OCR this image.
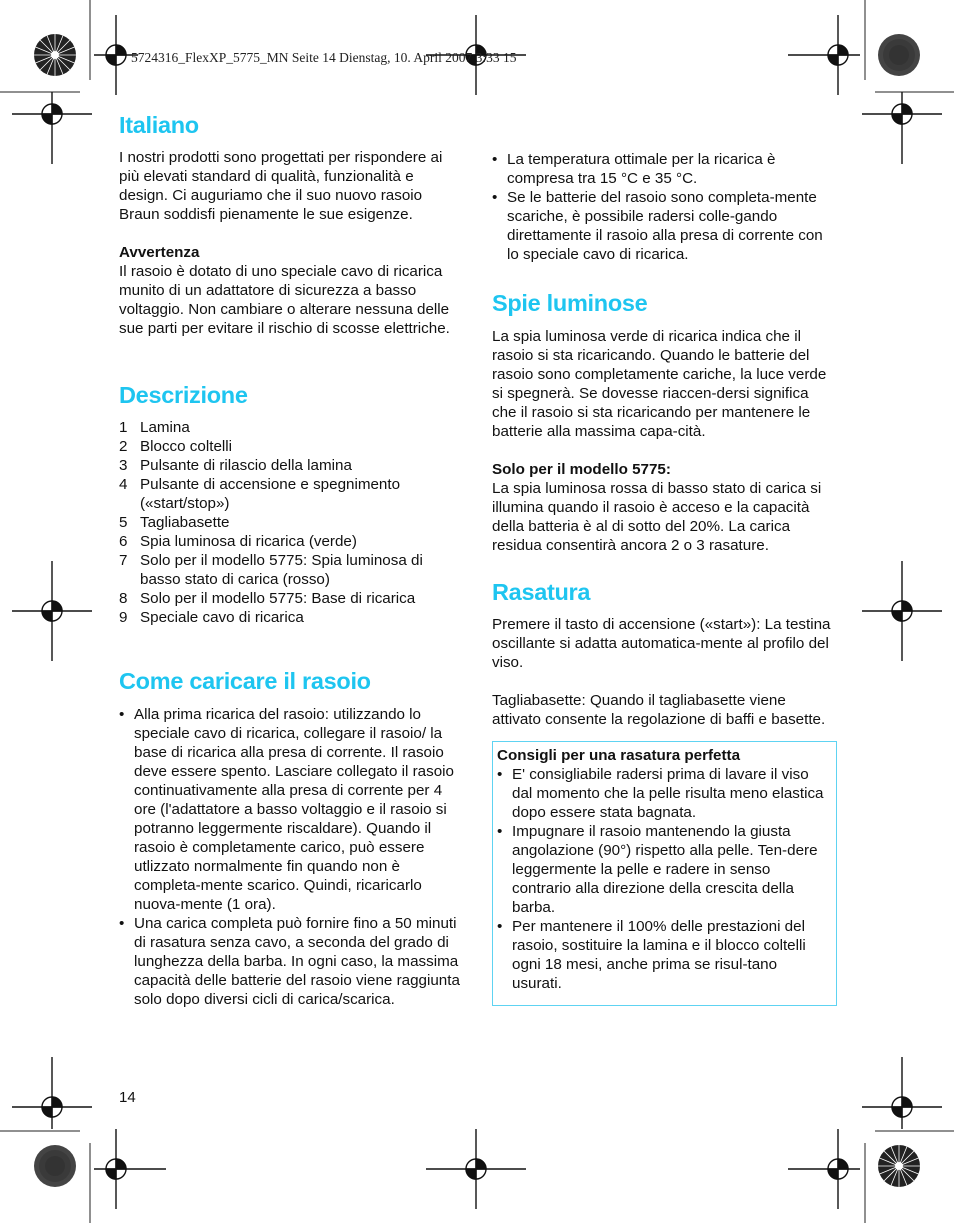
5724316_FlexXP_5775_MN Seite 14 Dienstag, 10. April 2007 3:33 15
Italiano

I nostri prodotti sono progettati per rispondere ai più elevati standard di qualità, funzionalità e design. Ci auguriamo che il suo nuovo rasoio Braun soddisfi pienamente le sue esigenze.

Avvertenza

Il rasoio è dotato di uno speciale cavo di ricarica munito di un adattatore di sicurezza a basso voltaggio. Non cambiare o alterare nessuna delle sue parti per evitare il rischio di scosse elettriche.

Descrizione
1 Lamina
2 Blocco coltelli
3 Pulsante di rilascio della lamina
4 Pulsante di accensione e spegnimento («start/stop»)
5 Tagliabasette
6 Spia luminosa di ricarica (verde)
7 Solo per il modello 5775: Spia luminosa di basso stato di carica (rosso)
8 Solo per il modello 5775: Base di ricarica
9 Speciale cavo di ricarica
Come caricare il rasoio
• Alla prima ricarica del rasoio: utilizzando lo speciale cavo di ricarica, collegare il rasoio/ la base di ricarica alla presa di corrente. Il rasoio deve essere spento. Lasciare collegato il rasoio continuativamente alla presa di corrente per 4 ore (l'adattatore a basso voltaggio e il rasoio si potranno leggermente riscaldare). Quando il rasoio è completamente carico, può essere utlizzato normalmente fin quando non è completa-mente scarico. Quindi, ricaricarlo nuova-mente (1 ora).
• Una carica completa può fornire fino a 50 minuti di rasatura senza cavo, a seconda del grado di lunghezza della barba. In ogni caso, la massima capacità delle batterie del rasoio viene raggiunta solo dopo diversi cicli di carica/scarica.
14
• La temperatura ottimale per la ricarica è compresa tra 15 °C e 35 °C.
• Se le batterie del rasoio sono completa-mente scariche, è possibile radersi colle-gando direttamente il rasoio alla presa di corrente con lo speciale cavo di ricarica.
Spie luminose

La spia luminosa verde di ricarica indica che il rasoio si sta ricaricando. Quando le batterie del rasoio sono completamente cariche, la luce verde si spegnerà. Se dovesse riaccen-dersi significa che il rasoio si sta ricaricando per mantenere le batterie alla massima capa-cità.

Solo per il modello 5775:

La spia luminosa rossa di basso stato di carica si illumina quando il rasoio è acceso e la capacità della batteria è al di sotto del 20%. La carica residua consentirà ancora 2 o 3 rasature.

Rasatura

Premere il tasto di accensione («start»): La testina oscillante si adatta automatica-mente al profilo del viso.

Tagliabasette: Quando il tagliabasette viene attivato consente la regolazione di baffi e basette.

Consigli per una rasatura perfetta

• E' consigliabile radersi prima di lavare il viso dal momento che la pelle risulta meno elastica dopo essere stata bagnata.
• Impugnare il rasoio mantenendo la giusta angolazione (90°) rispetto alla pelle. Ten-dere leggermente la pelle e radere in senso contrario alla direzione della crescita della barba.
• Per mantenere il 100% delle prestazioni del rasoio, sostituire la lamina e il blocco coltelli ogni 18 mesi, anche prima se risul-tano usurati.
